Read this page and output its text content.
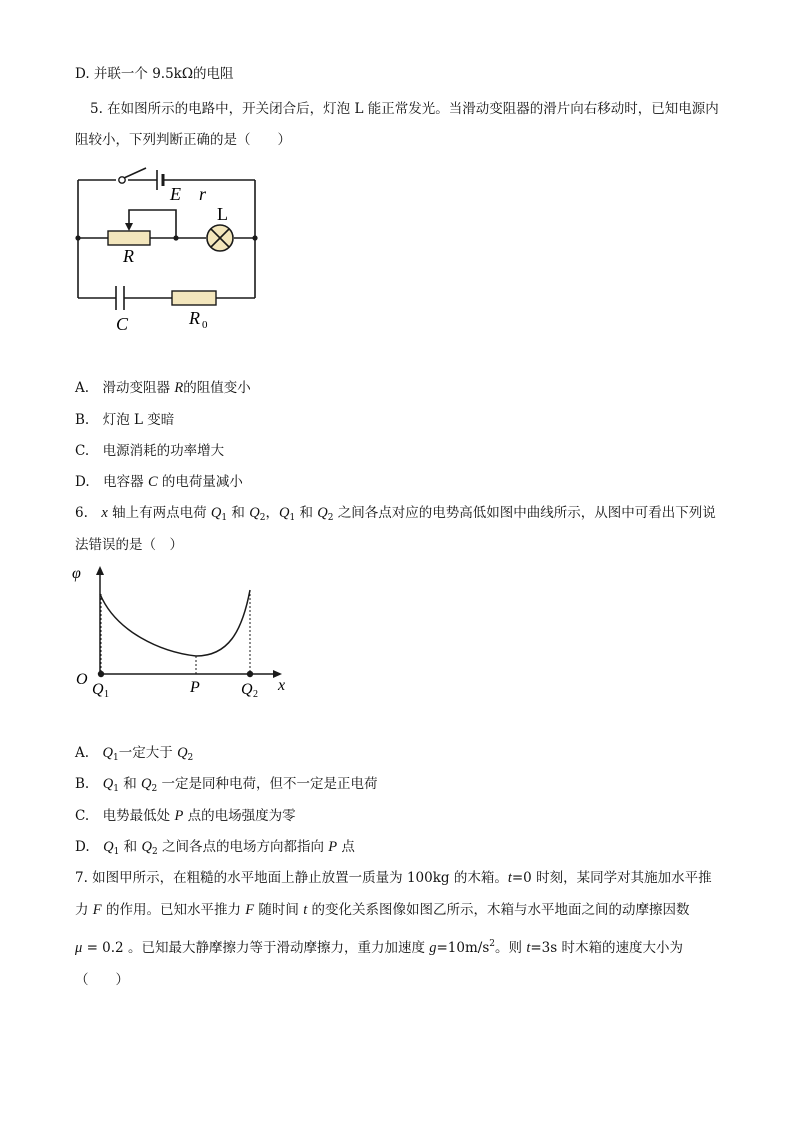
D. 并联一个 9.5kΩ的电阻
5. 在如图所示的电路中，开关闭合后，灯泡 L 能正常发光。当滑动变阻器的滑片向右移动时，已知电源内
阻较小，下列判断正确的是（　　）
E r
L
R
C	R 0
A.　滑动变阻器 R的阻值变小
B.　灯泡 L 变暗
C.　电源消耗的功率增大
D.　电容器 C 的电荷量减小
6.　x 轴上有两点电荷 $Q_1$ 和 $Q_2$，$Q_1$ 和 $Q_2$ 之间各点对应的电势高低如图中曲线所示，从图中可看出下列说
法错误的是（　）
φ
O
Q 1	P	Q 2
x
A.　$Q_1$一定大于 $Q_2$
B.　$Q_1$ 和 $Q_2$ 一定是同种电荷，但不一定是正电荷
C.　电势最低处 P 点的电场强度为零
D.　$Q_1$ 和 $Q_2$ 之间各点的电场方向都指向 P 点
7. 如图甲所示，在粗糙的水平地面上静止放置一质量为 100kg 的木箱。t=0 时刻，某同学对其施加水平推
力 F 的作用。已知水平推力 F 随时间 t 的变化关系图像如图乙所示，木箱与水平地面之间的动摩擦因数
μ = 0.2 。已知最大静摩擦力等于滑动摩擦力，重力加速度 $g=10m/s^2$。则 t=3s 时木箱的速度大小为
（　　）
